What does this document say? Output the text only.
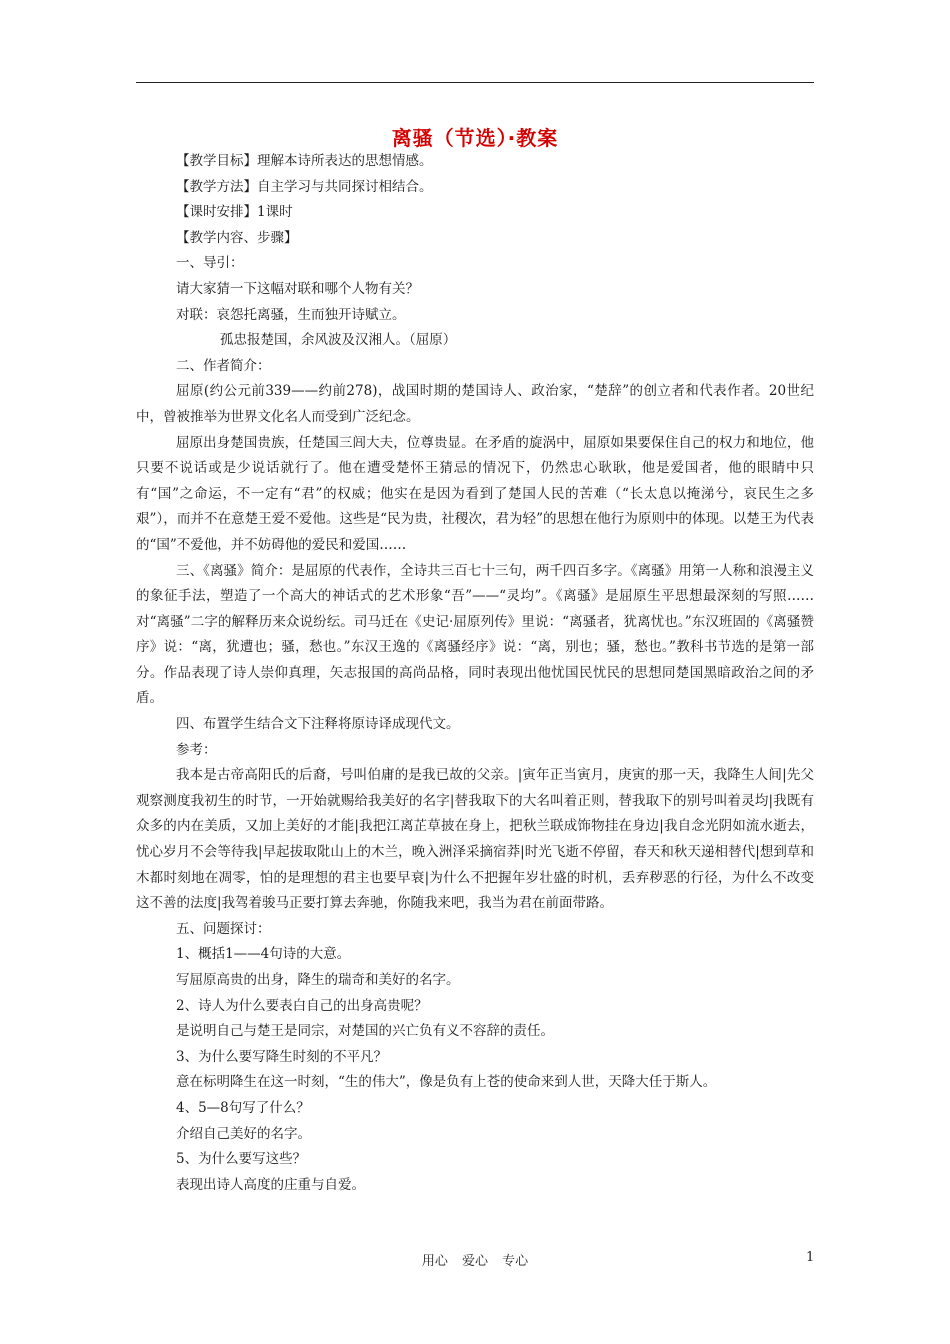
离骚（节选）·教案
【教学目标】理解本诗所表达的思想情感。
【教学方法】自主学习与共同探讨相结合。
【课时安排】1课时
【教学内容、步骤】
一、导引：
请大家猜一下这幅对联和哪个人物有关？
对联：哀怨托离骚，生而独开诗赋立。
孤忠报楚国，余风波及汉湘人。（屈原）
二、作者简介：
屈原(约公元前339——约前278)，战国时期的楚国诗人、政治家，“楚辞”的创立者和代表作者。20世纪中，曾被推举为世界文化名人而受到广泛纪念。
屈原出身楚国贵族，任楚国三闾大夫，位尊贵显。在矛盾的旋涡中，屈原如果要保住自己的权力和地位，他只要不说话或是少说话就行了。他在遭受楚怀王猜忌的情况下，仍然忠心耿耿，他是爱国者，他的眼睛中只有“国”之命运，不一定有“君”的权威；他实在是因为看到了楚国人民的苦难（“长太息以掩涕兮，哀民生之多艰”），而并不在意楚王爱不爱他。这些是“民为贵，社稷次，君为轻”的思想在他行为原则中的体现。以楚王为代表的“国”不爱他，并不妨碍他的爱民和爱国……
三、《离骚》简介：是屈原的代表作，全诗共三百七十三句，两千四百多字。《离骚》用第一人称和浪漫主义的象征手法，塑造了一个高大的神话式的艺术形象“吾”——“灵均”。《离骚》是屈原生平思想最深刻的写照……对“离骚”二字的解释历来众说纷纭。司马迁在《史记·屈原列传》里说：“离骚者，犹离忧也。”东汉班固的《离骚赞序》说：“离，犹遭也；骚，愁也。”东汉王逸的《离骚经序》说：“离，别也；骚，愁也。”教科书节选的是第一部分。作品表现了诗人崇仰真理，矢志报国的高尚品格，同时表现出他忧国民忧民的思想同楚国黑暗政治之间的矛盾。
四、布置学生结合文下注释将原诗译成现代文。
参考：
我本是古帝高阳氏的后裔，号叫伯庸的是我已故的父亲。|寅年正当寅月，庚寅的那一天，我降生人间|先父观察测度我初生的时节，一开始就赐给我美好的名字|替我取下的大名叫着正则，替我取下的别号叫着灵均|我既有众多的内在美质，又加上美好的才能|我把江离芷草披在身上，把秋兰联成饰物挂在身边|我自念光阴如流水逝去，忧心岁月不会等待我|早起拔取阰山上的木兰，晚入洲泽采摘宿莽|时光飞逝不停留，春天和秋天递相替代|想到草和木都时刻地在凋零，怕的是理想的君主也要早衰|为什么不把握年岁壮盛的时机，丢弃秽恶的行径，为什么不改变这不善的法度|我驾着骏马正要打算去奔驰，你随我来吧，我当为君在前面带路。
五、问题探讨：
1、概括1——4句诗的大意。
写屈原高贵的出身，降生的瑞奇和美好的名字。
2、诗人为什么要表白自己的出身高贵呢？
是说明自己与楚王是同宗，对楚国的兴亡负有义不容辞的责任。
3、为什么要写降生时刻的不平凡？
意在标明降生在这一时刻，“生的伟大”，像是负有上苍的使命来到人世，天降大任于斯人。
4、5—8句写了什么？
介绍自己美好的名字。
5、为什么要写这些？
表现出诗人高度的庄重与自爱。
用心 爱心 专心	1
